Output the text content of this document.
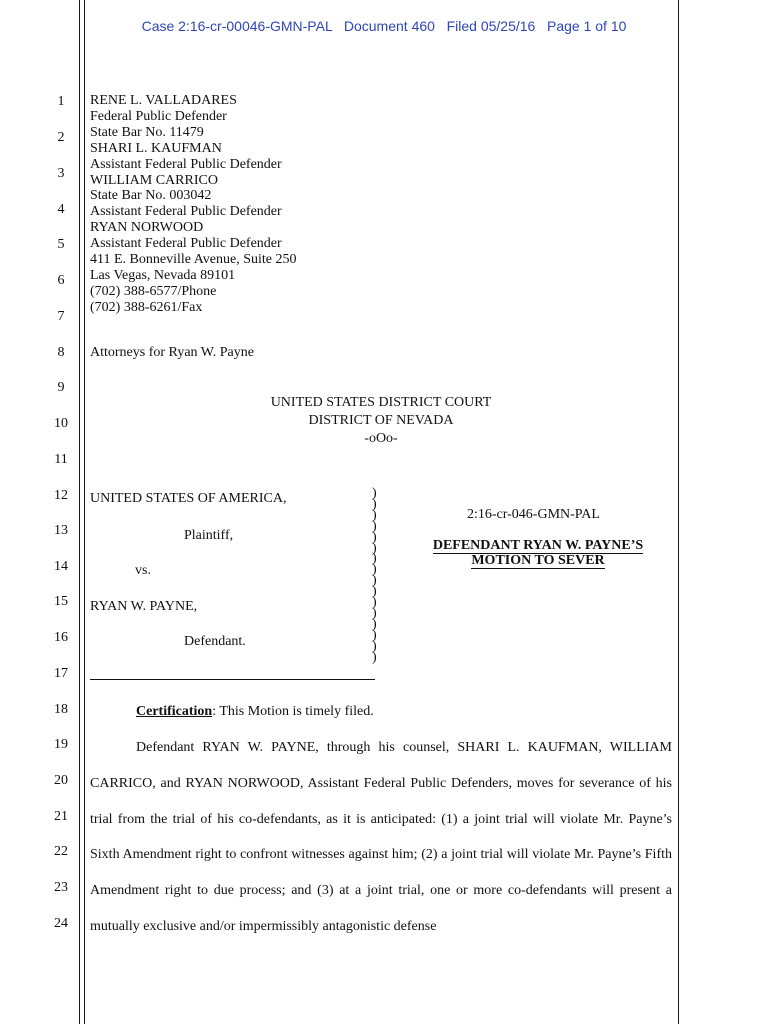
Case 2:16-cr-00046-GMN-PAL   Document 460   Filed 05/25/16   Page 1 of 10
1
2
3
4
5
6
7
8
9
10
11
12
13
14
15
16
17
18
19
20
21
22
23
24
RENE L. VALLADARES
Federal Public Defender
State Bar No. 11479
SHARI L. KAUFMAN
Assistant Federal Public Defender
WILLIAM CARRICO
State Bar No. 003042
Assistant Federal Public Defender
RYAN NORWOOD
Assistant Federal Public Defender
411 E. Bonneville Avenue, Suite 250
Las Vegas, Nevada 89101
(702) 388-6577/Phone
(702) 388-6261/Fax
Attorneys for Ryan W. Payne
UNITED STATES DISTRICT COURT
DISTRICT OF NEVADA
-oOo-
UNITED STATES OF AMERICA,
Plaintiff,
vs.
RYAN W. PAYNE,
Defendant.
)
)
)
)
)
)
)
)
)
)
)
)
)
)
)
)
2:16-cr-046-GMN-PAL
DEFENDANT RYAN W. PAYNE’S
MOTION TO SEVER
Certification: This Motion is timely filed.
Defendant RYAN W. PAYNE, through his counsel, SHARI L. KAUFMAN, WILLIAM CARRICO, and RYAN NORWOOD, Assistant Federal Public Defenders, moves for severance of his trial from the trial of his co-defendants, as it is anticipated: (1) a joint trial will violate Mr. Payne’s Sixth Amendment right to confront witnesses against him; (2) a joint trial will violate Mr. Payne’s Fifth Amendment right to due process; and (3) at a joint trial, one or more co-defendants will present a mutually exclusive and/or impermissibly antagonistic defense
